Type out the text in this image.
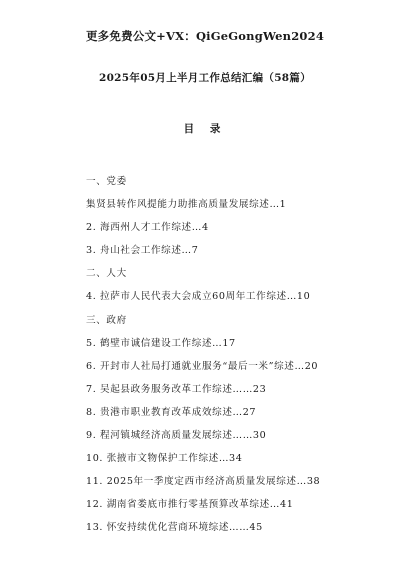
更多免费公文+VX：QiGeGongWen2024
2025年05月上半月工作总结汇编（58篇）
目 录
一、党委
集贤县转作风提能力助推高质量发展综述…1
2. 海西州人才工作综述…4
3. 舟山社会工作综述…7
二、人大
4. 拉萨市人民代表大会成立60周年工作综述…10
三、政府
5. 鹤壁市诚信建设工作综述…17
6. 开封市人社局打通就业服务“最后一米”综述…20
7. 吴起县政务服务改革工作综述……23
8. 贵港市职业教育改革成效综述…27
9. 程河镇城经济高质量发展综述……30
10. 张掖市文物保护工作综述…34
11. 2025年一季度定西市经济高质量发展综述…38
12. 湖南省娄底市推行零基预算改革综述…41
13. 怀安持续优化营商环境综述……45
